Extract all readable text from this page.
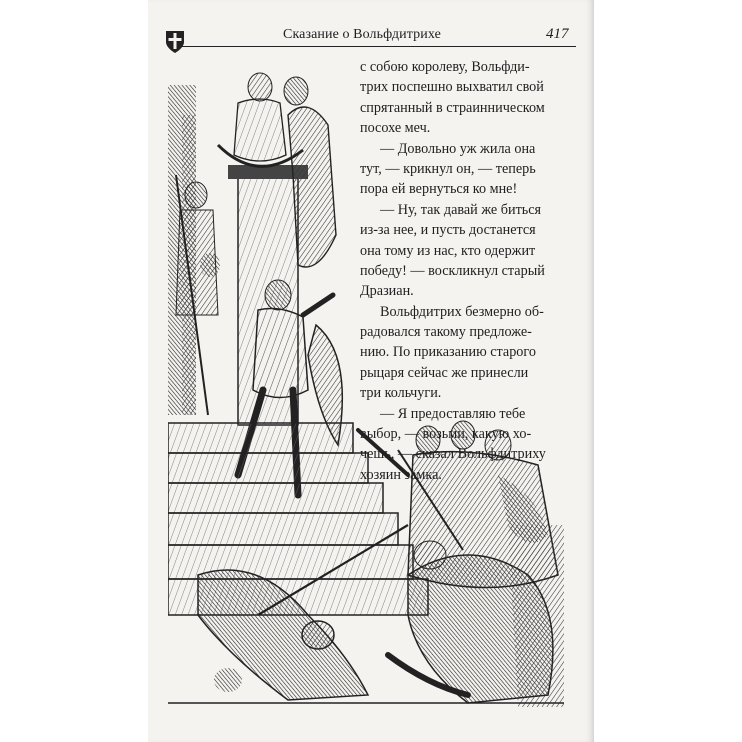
Сказание о Вольфдитрихе	417
с собою королеву, Вольфди-
трих поспешно выхватил свой
спрятанный в страинническом
посохе меч.
— Довольно уж жила она
тут, — крикнул он, — теперь
пора ей вернуться ко мне!
— Ну, так давай же биться
из-за нее, и пусть достанется
она тому из нас, кто одержит
победу! — воскликнул старый
Дразиан.
Вольфдитрих безмерно об-
радовался такому предложе-
нию. По приказанию старого
рыцаря сейчас же принесли
три кольчуги.
— Я предоставляю тебе
выбор, — возьми, какую хо-
чешь, — сказал Вольфдитриху
хозяин замка.
